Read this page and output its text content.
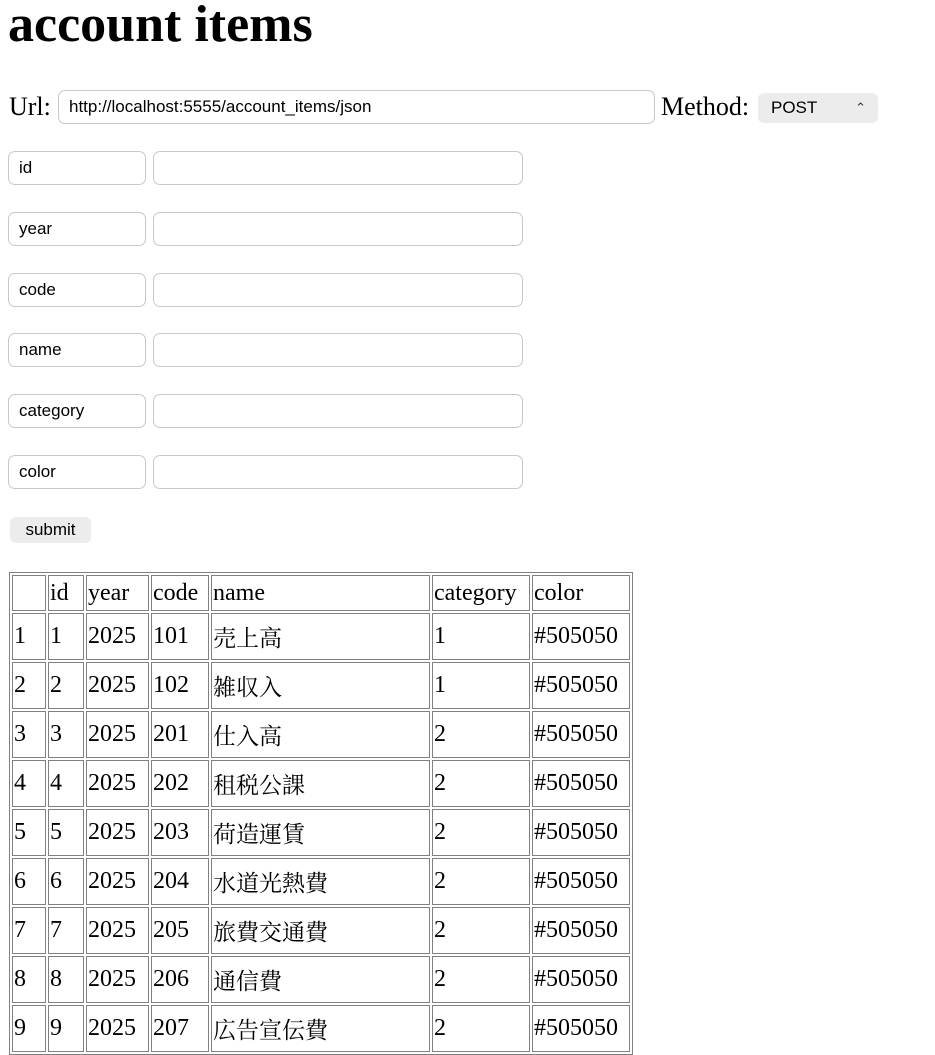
account items
Url:	http://localhost:5555/account_items/json	Method:	POST	⌃

id
year
code
name
category
color
submit
	id	year	code	name	category	color
1	1	2025	101	売上高	1	#505050
2	2	2025	102	雑収入	1	#505050
3	3	2025	201	仕入高	2	#505050
4	4	2025	202	租税公課	2	#505050
5	5	2025	203	荷造運賃	2	#505050
6	6	2025	204	水道光熱費	2	#505050
7	7	2025	205	旅費交通費	2	#505050
8	8	2025	206	通信費	2	#505050
9	9	2025	207	広告宣伝費	2	#505050
